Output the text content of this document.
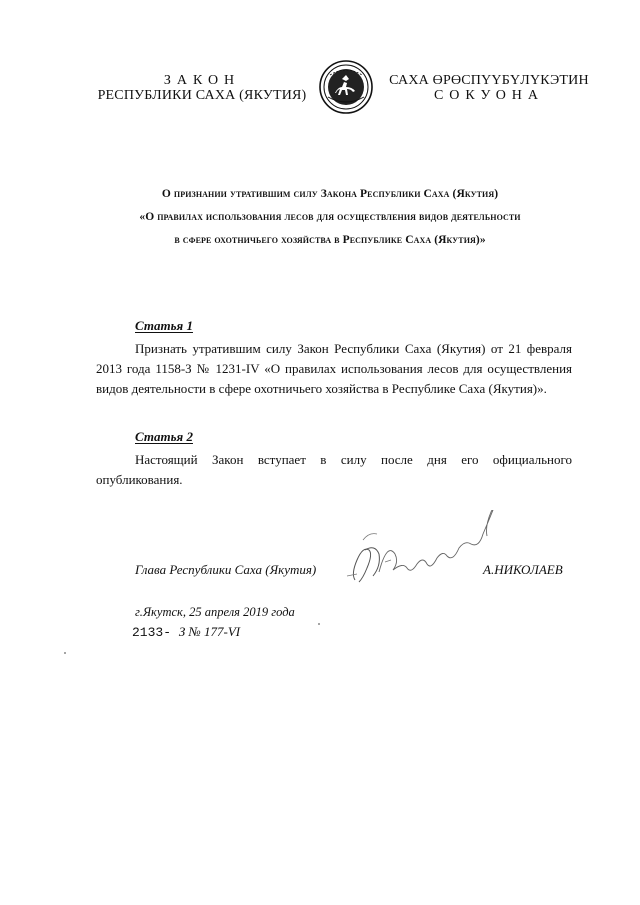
ЗАКОН
РЕСПУБЛИКИ САХА (ЯКУТИЯ)
САХА ӨРӨСПҮҮБҮЛҮКЭТИН
СОКУОНА
О признании утратившим силу Закона Республики Саха (Якутия)
«О правилах использования лесов для осуществления видов деятельности
в сфере охотничьего хозяйства в Республике Саха (Якутия)»
Статья 1
Признать утратившим силу Закон Республики Саха (Якутия) от 21 февраля 2013 года 1158-З № 1231-IV «О правилах использования лесов для осуществления видов деятельности в сфере охотничьего хозяйства в Республике Саха (Якутия)».
Статья 2
Настоящий Закон вступает в силу после дня его официального опубликования.
Глава Республики Саха (Якутия)	А.НИКОЛАЕВ
г.Якутск, 25 апреля 2019 года
2133- З № 177-VI
